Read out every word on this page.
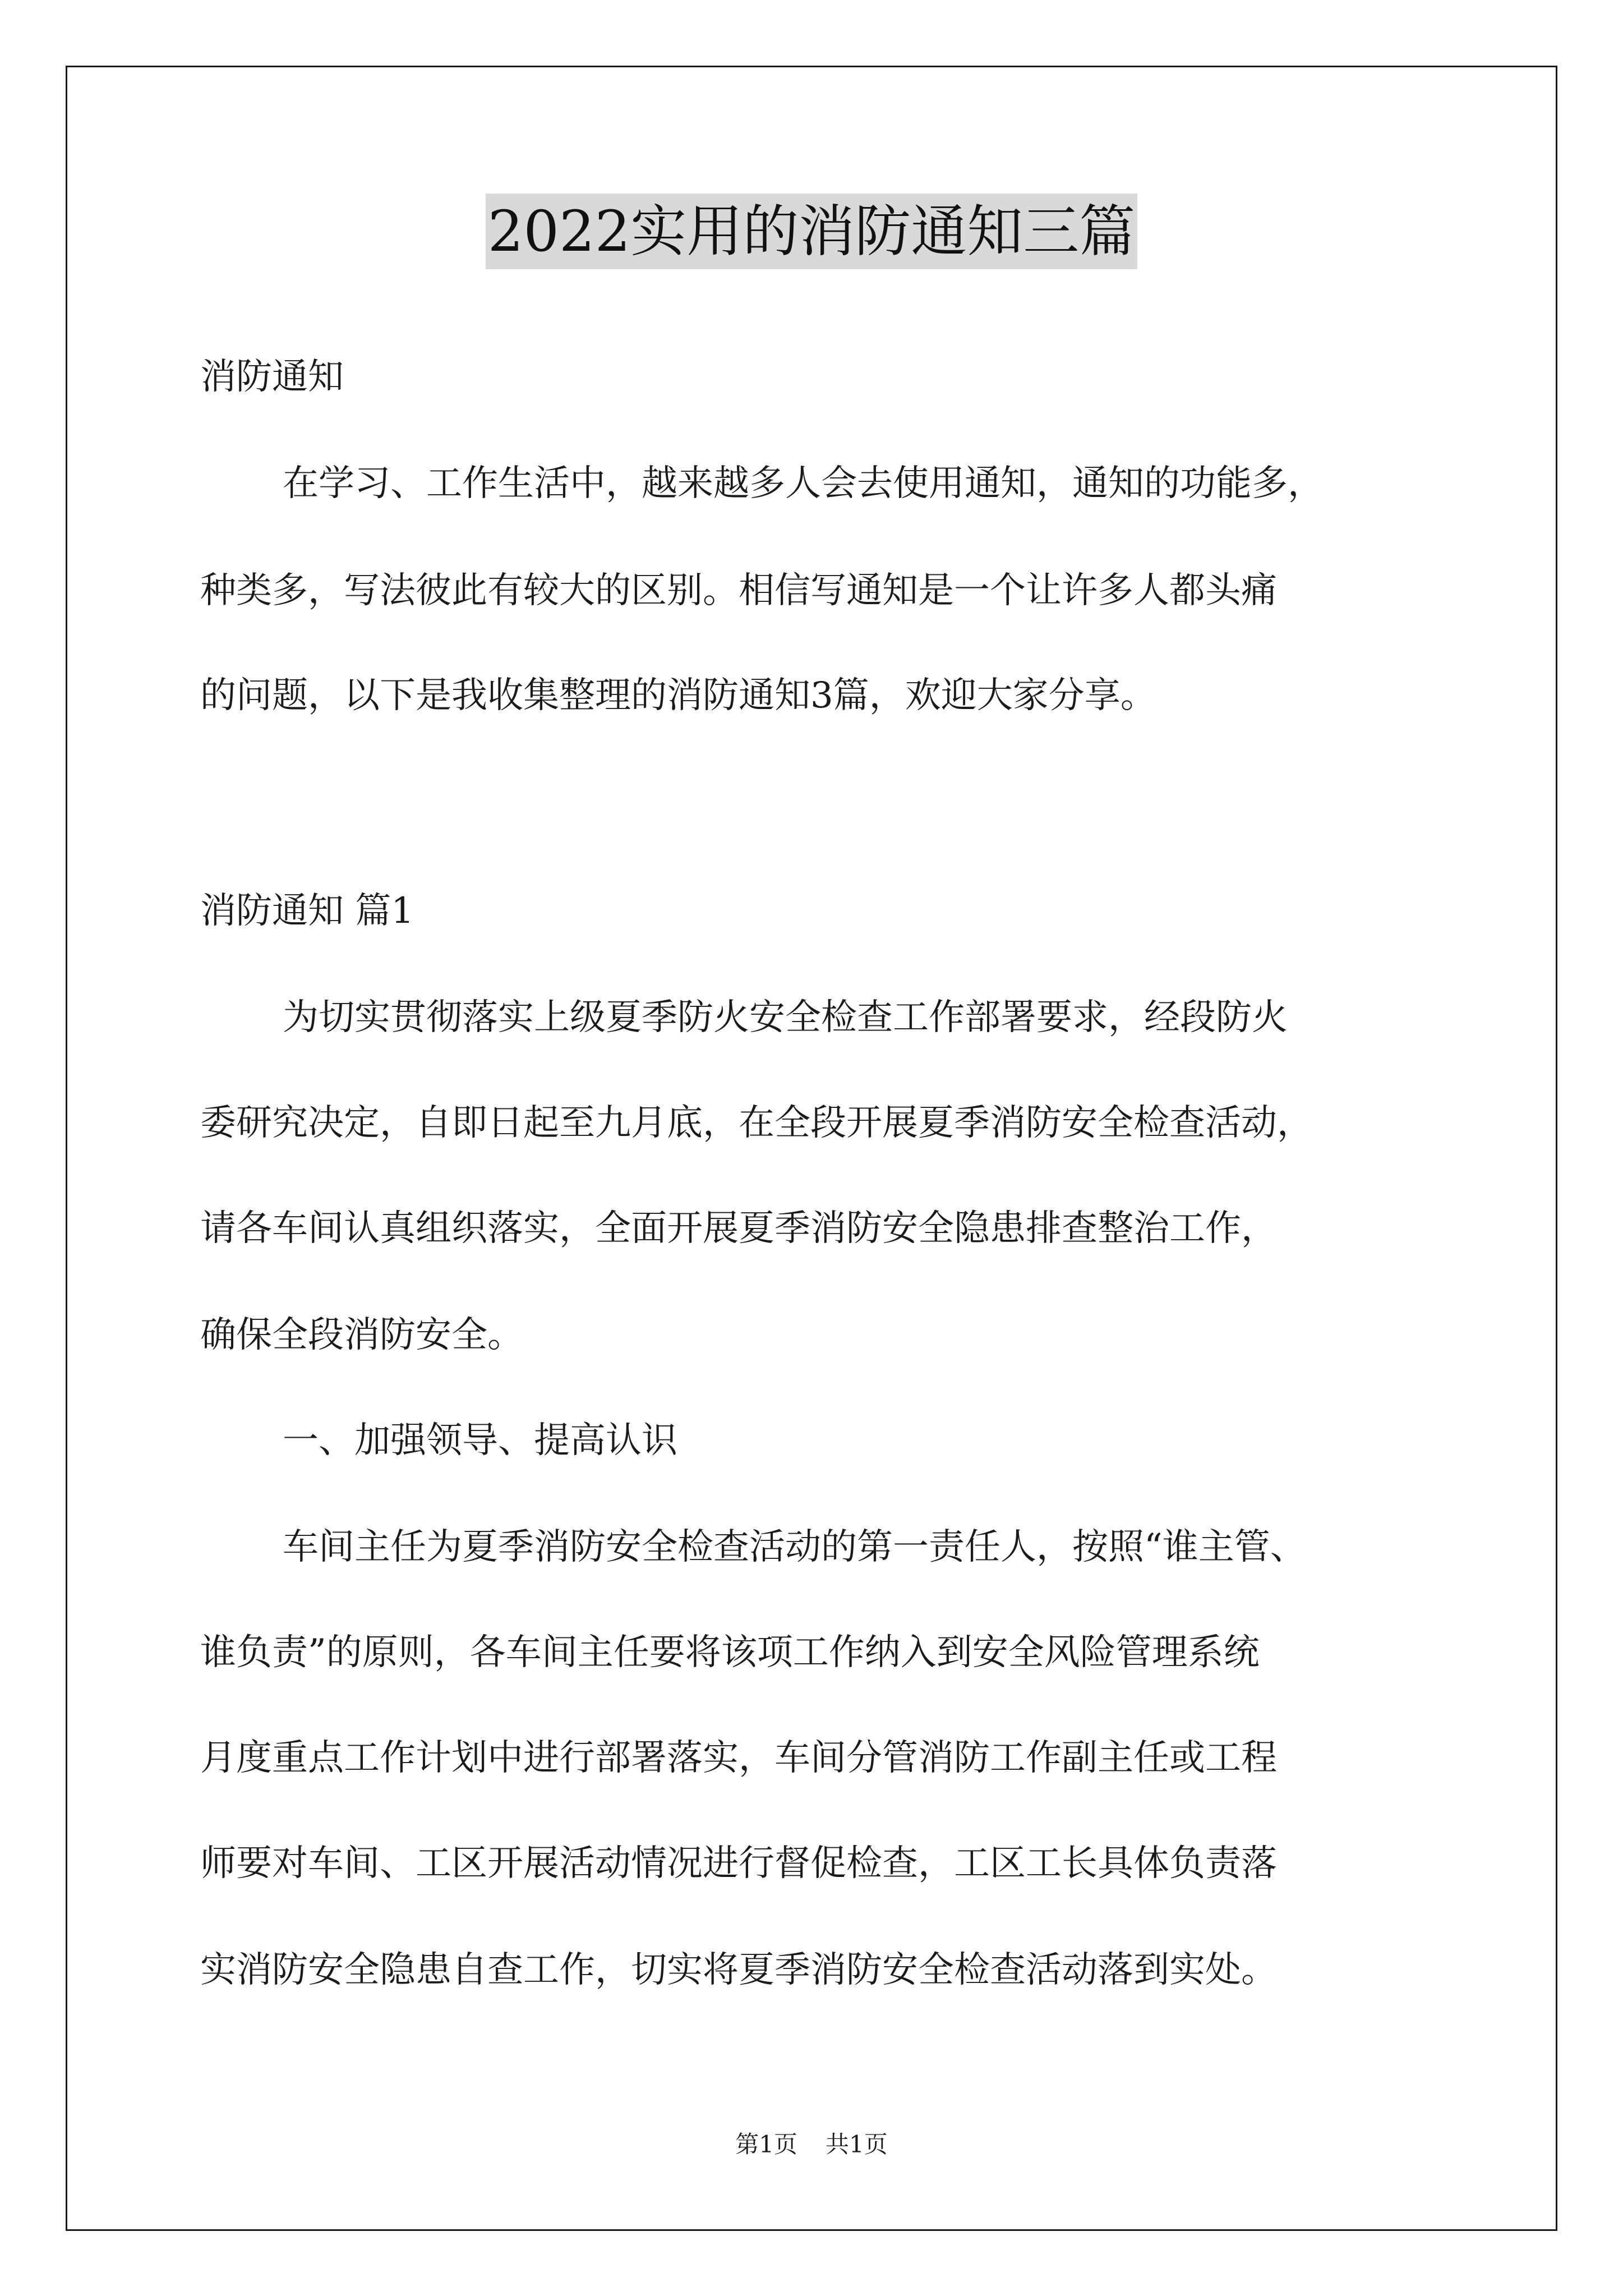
2022实用的消防通知三篇
消防通知
在学习、工作生活中，越来越多人会去使用通知，通知的功能多，
种类多，写法彼此有较大的区别。相信写通知是一个让许多人都头痛
的问题，以下是我收集整理的消防通知3篇，欢迎大家分享。
消防通知 篇1
为切实贯彻落实上级夏季防火安全检查工作部署要求，经段防火
委研究决定，自即日起至九月底，在全段开展夏季消防安全检查活动，
请各车间认真组织落实，全面开展夏季消防安全隐患排查整治工作，
确保全段消防安全。
一、加强领导、提高认识
车间主任为夏季消防安全检查活动的第一责任人，按照“谁主管、
谁负责”的原则，各车间主任要将该项工作纳入到安全风险管理系统
月度重点工作计划中进行部署落实，车间分管消防工作副主任或工程
师要对车间、工区开展活动情况进行督促检查，工区工长具体负责落
实消防安全隐患自查工作，切实将夏季消防安全检查活动落到实处。
第1页 共1页
